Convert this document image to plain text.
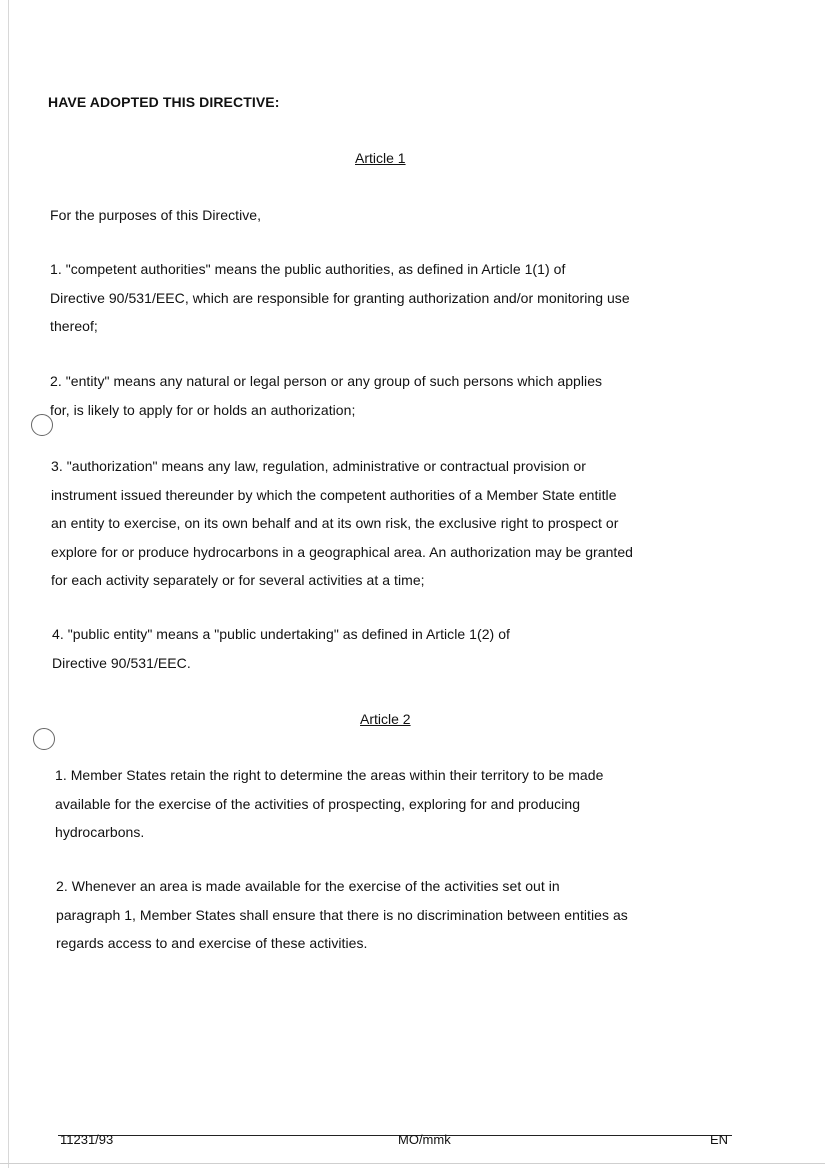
HAVE ADOPTED THIS DIRECTIVE:
Article 1
For the purposes of this Directive,
1. "competent authorities" means the public authorities, as defined in Article 1(1) of
Directive 90/531/EEC, which are responsible for granting authorization and/or monitoring use
thereof;
2. "entity" means any natural or legal person or any group of such persons which applies
for, is likely to apply for or holds an authorization;
3. "authorization" means any law, regulation, administrative or contractual provision or
instrument issued thereunder by which the competent authorities of a Member State entitle
an entity to exercise, on its own behalf and at its own risk, the exclusive right to prospect or
explore for or produce hydrocarbons in a geographical area. An authorization may be granted
for each activity separately or for several activities at a time;
4. "public entity" means a "public undertaking" as defined in Article 1(2) of
Directive 90/531/EEC.
Article 2
1. Member States retain the right to determine the areas within their territory to be made
available for the exercise of the activities of prospecting, exploring for and producing
hydrocarbons.
2. Whenever an area is made available for the exercise of the activities set out in
paragraph 1, Member States shall ensure that there is no discrimination between entities as
regards access to and exercise of these activities.
11231/93	MO/mmk	EN
